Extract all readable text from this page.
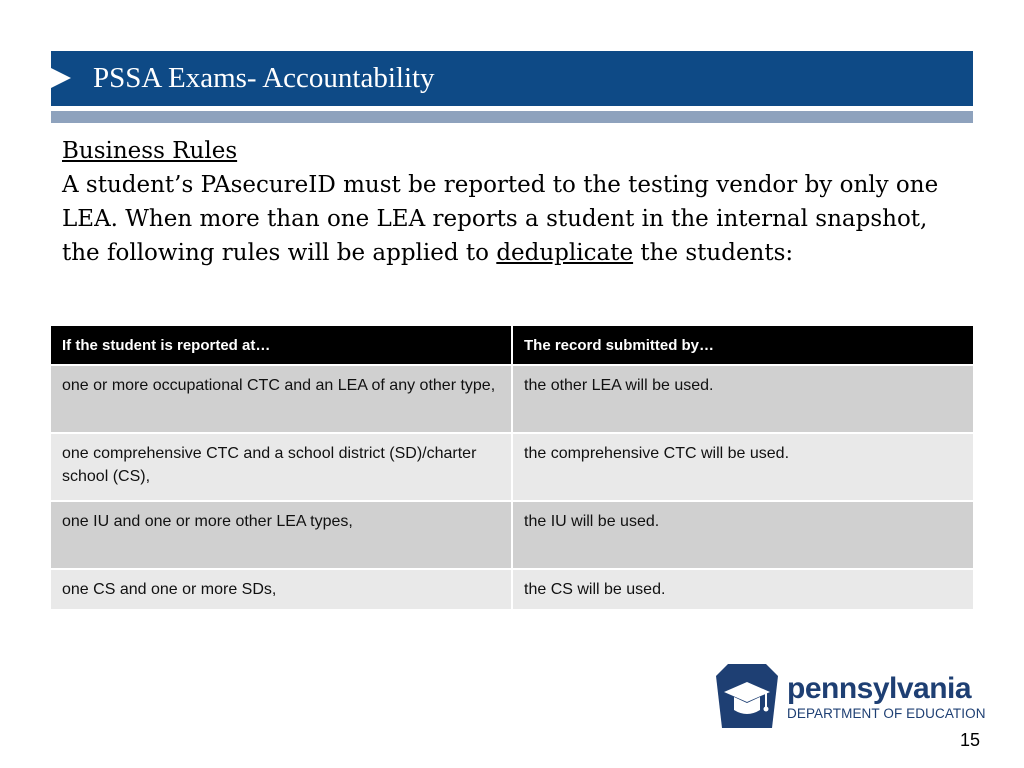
PSSA Exams- Accountability
Business Rules
A student’s PAsecureID must be reported to the testing vendor by only one LEA. When more than one LEA reports a student in the internal snapshot, the following rules will be applied to deduplicate the students:
If the student is reported at…	The record submitted by…
one or more occupational CTC and an LEA of any other type,	the other LEA will be used.
one comprehensive CTC and a school district (SD)/charter school (CS),	the comprehensive CTC will be used.
one IU and one or more other LEA types,	the IU will be used.
one CS and one or more SDs,	the CS will be used.
pennsylvania
DEPARTMENT OF EDUCATION
15
